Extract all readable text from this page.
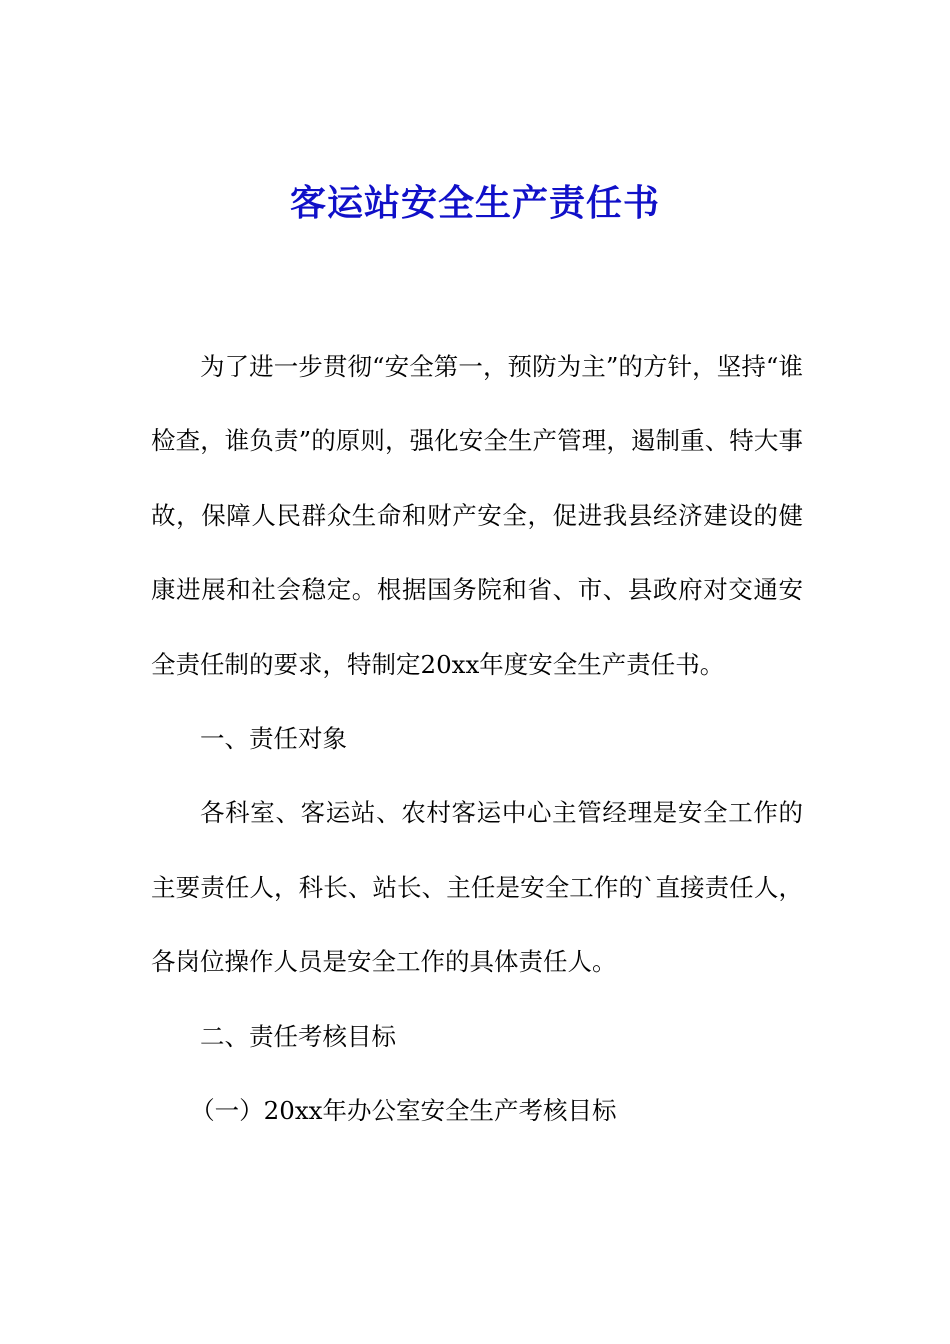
客运站安全生产责任书

为了进一步贯彻“安全第一，预防为主”的方针，坚持“谁检查，谁负责”的原则，强化安全生产管理，遏制重、特大事故，保障人民群众生命和财产安全，促进我县经济建设的健康进展和社会稳定。根据国务院和省、市、县政府对交通安全责任制的要求，特制定20xx年度安全生产责任书。

一、责任对象

各科室、客运站、农村客运中心主管经理是安全工作的主要责任人，科长、站长、主任是安全工作的`直接责任人，各岗位操作人员是安全工作的具体责任人。

二、责任考核目标

（一）20xx年办公室安全生产考核目标
